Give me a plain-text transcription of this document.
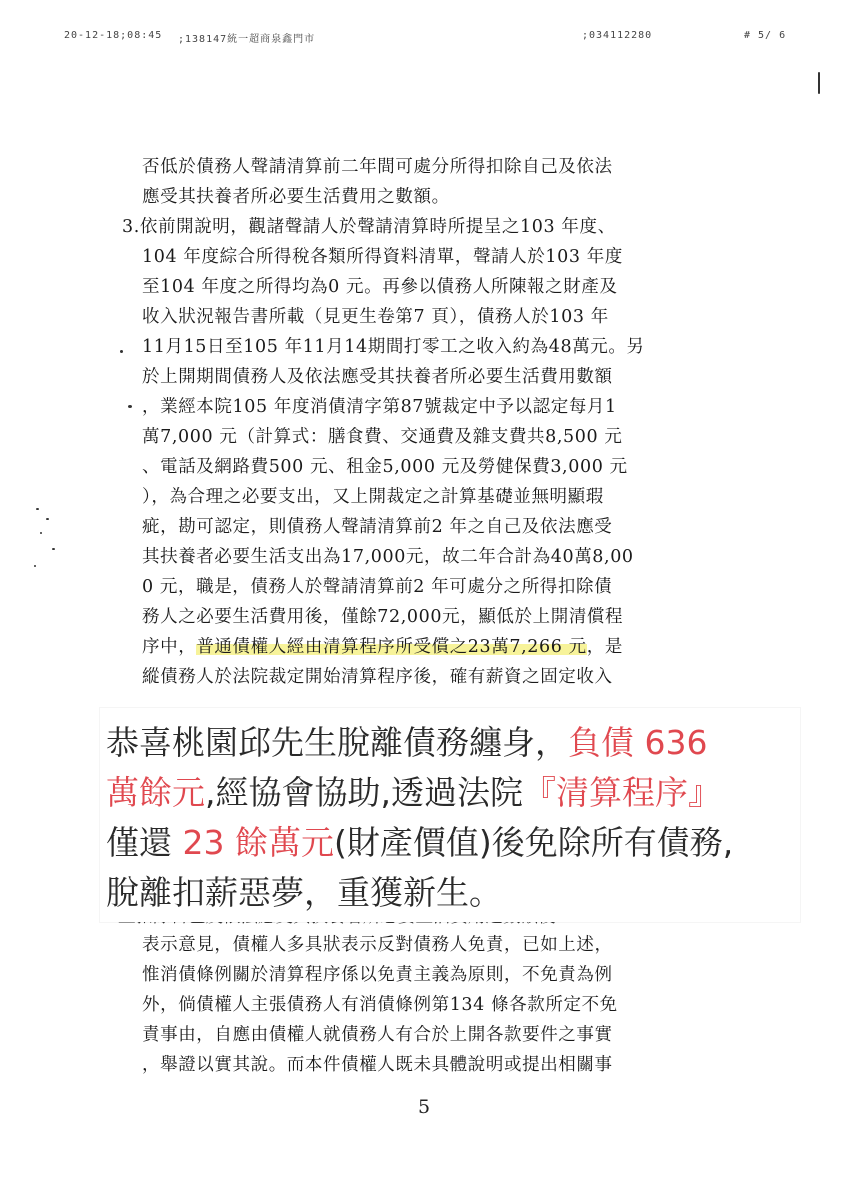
20-12-18;08:45 ;138147統一超商泉鑫門市	;034112280	# 5/ 6
否低於債務人聲請清算前二年間可處分所得扣除自己及依法
應受其扶養者所必要生活費用之數額。
3.依前開說明，觀諸聲請人於聲請清算時所提呈之103 年度、
104 年度綜合所得稅各類所得資料清單，聲請人於103 年度
至104 年度之所得均為0 元。再參以債務人所陳報之財產及
收入狀況報告書所載（見更生卷第7 頁），債務人於103 年
11月15日至105 年11月14期間打零工之收入約為48萬元。另
於上開期間債務人及依法應受其扶養者所必要生活費用數額
，業經本院105 年度消債清字第87號裁定中予以認定每月1
萬7,000 元（計算式：膳食費、交通費及雜支費共8,500 元
、電話及網路費500 元、租金5,000 元及勞健保費3,000 元
），為合理之必要支出，又上開裁定之計算基礎並無明顯瑕
疵，勘可認定，則債務人聲請清算前2 年之自己及依法應受
其扶養者必要生活支出為17,000元，故二年合計為40萬8,00
0 元，職是，債務人於聲請清算前2 年可處分之所得扣除債
務人之必要生活費用後，僅餘72,000元，顯低於上開清償程
序中，普通債權人經由清算程序所受償之23萬7,266 元，是
縱債務人於法院裁定開始清算程序後，確有薪資之固定收入
恭喜桃園邱先生脫離債務纏身，負債 636
萬餘元,經協會協助,透過法院『清算程序』
僅還 23 餘萬元(財產價值)後免除所有債務,
脫離扣薪惡夢，重獲新生。
表示意見，債權人多具狀表示反對債務人免責，已如上述，
惟消債條例關於清算程序係以免責主義為原則，不免責為例
外，倘債權人主張債務人有消債條例第134 條各款所定不免
責事由，自應由債權人就債務人有合於上開各款要件之事實
，舉證以實其說。而本件債權人既未具體說明或提出相關事
5
